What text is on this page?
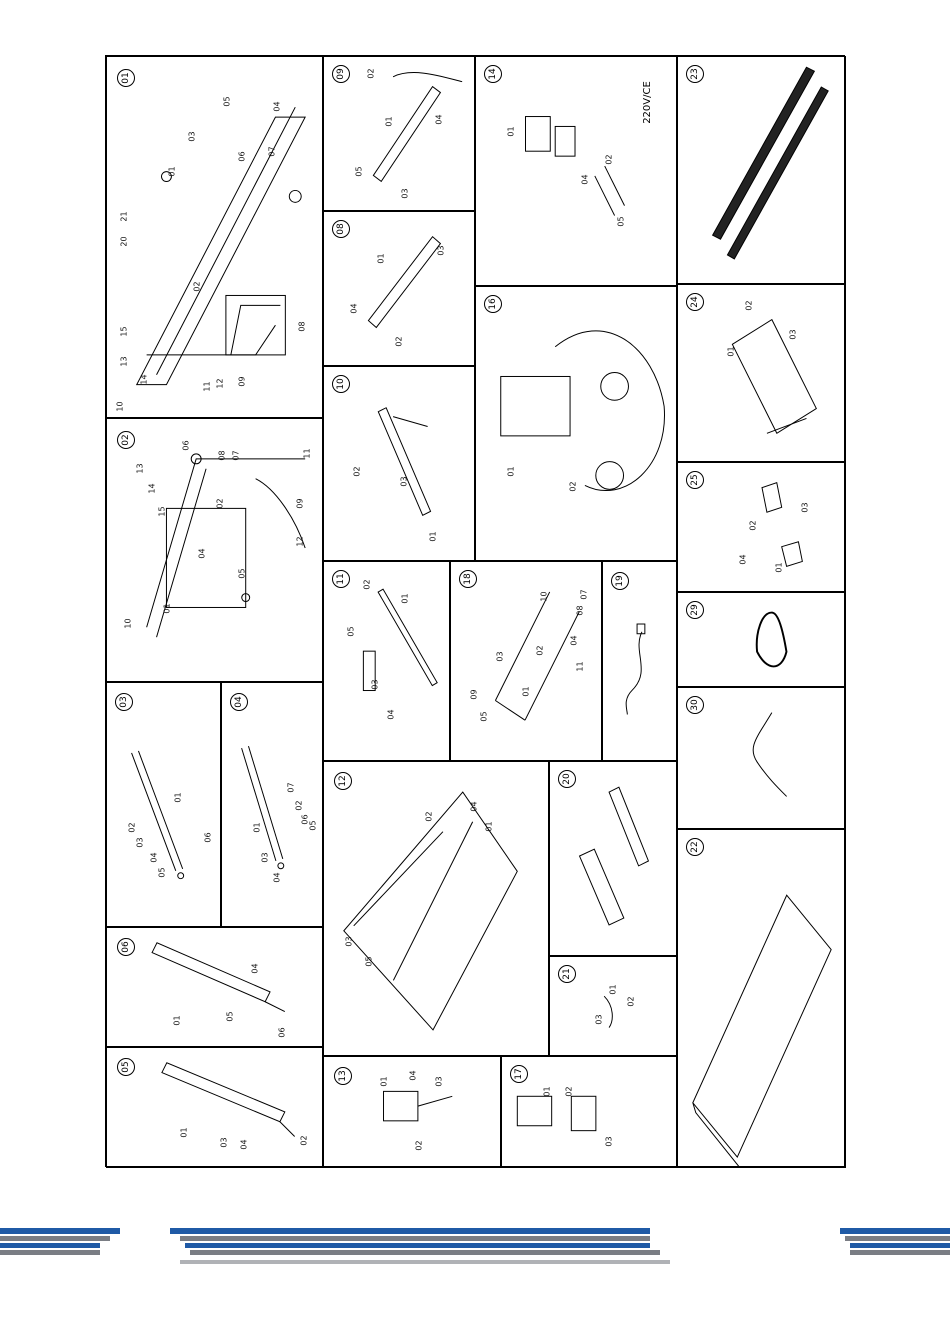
01
01
02
03
04
05
06	07
08
09
10
11 12
13
14
15
20
21
02
01
02
04
05
06
07
08
09
10
11
12
13
14
15
03
01
02
03
04
05
06
04
01
02
03
04
05
06
07
06
01
04
05
06
05
01
02
03 04
09
01
02
03
04
05
08
01
02
03
04
10
01
02
03
11
01
02
03
04
05
12
01
02
03
04
05
13	01
02
03
04
14
220V/CE
01
02
04
05
16
01
02
18
01
02
03
04
05
07
08
09
10
11
19
20
21
01
02
03
17
01 02
03
23
24
01
02
03
25
01
02
03
04
29
30
22
